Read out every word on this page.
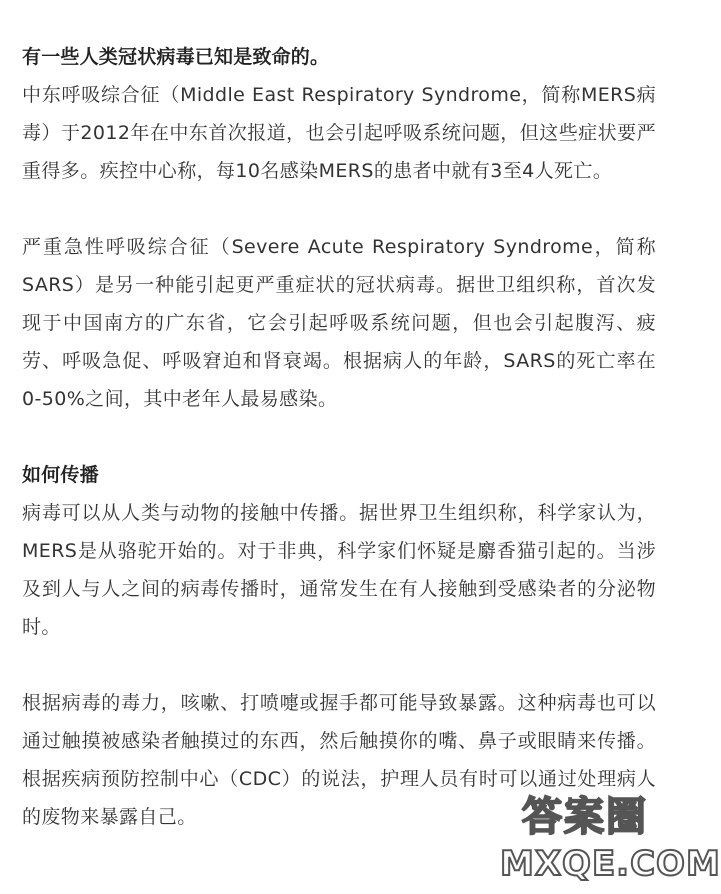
有一些人类冠状病毒已知是致命的。

中东呼吸综合征（Middle East Respiratory Syndrome，简称MERS病毒）于2012年在中东首次报道，也会引起呼吸系统问题，但这些症状要严重得多。疾控中心称，每10名感染MERS的患者中就有3至4人死亡。

严重急性呼吸综合征（Severe Acute Respiratory Syndrome，简称SARS）是另一种能引起更严重症状的冠状病毒。据世卫组织称，首次发现于中国南方的广东省，它会引起呼吸系统问题，但也会引起腹泻、疲劳、呼吸急促、呼吸窘迫和肾衰竭。根据病人的年龄，SARS的死亡率在0-50%之间，其中老年人最易感染。

如何传播

病毒可以从人类与动物的接触中传播。据世界卫生组织称，科学家认为，MERS是从骆驼开始的。对于非典，科学家们怀疑是麝香猫引起的。当涉及到人与人之间的病毒传播时，通常发生在有人接触到受感染者的分泌物时。

根据病毒的毒力，咳嗽、打喷嚏或握手都可能导致暴露。这种病毒也可以通过触摸被感染者触摸过的东西，然后触摸你的嘴、鼻子或眼睛来传播。根据疾病预防控制中心（CDC）的说法，护理人员有时可以通过处理病人的废物来暴露自己。	答案圈
MXQE.COM
